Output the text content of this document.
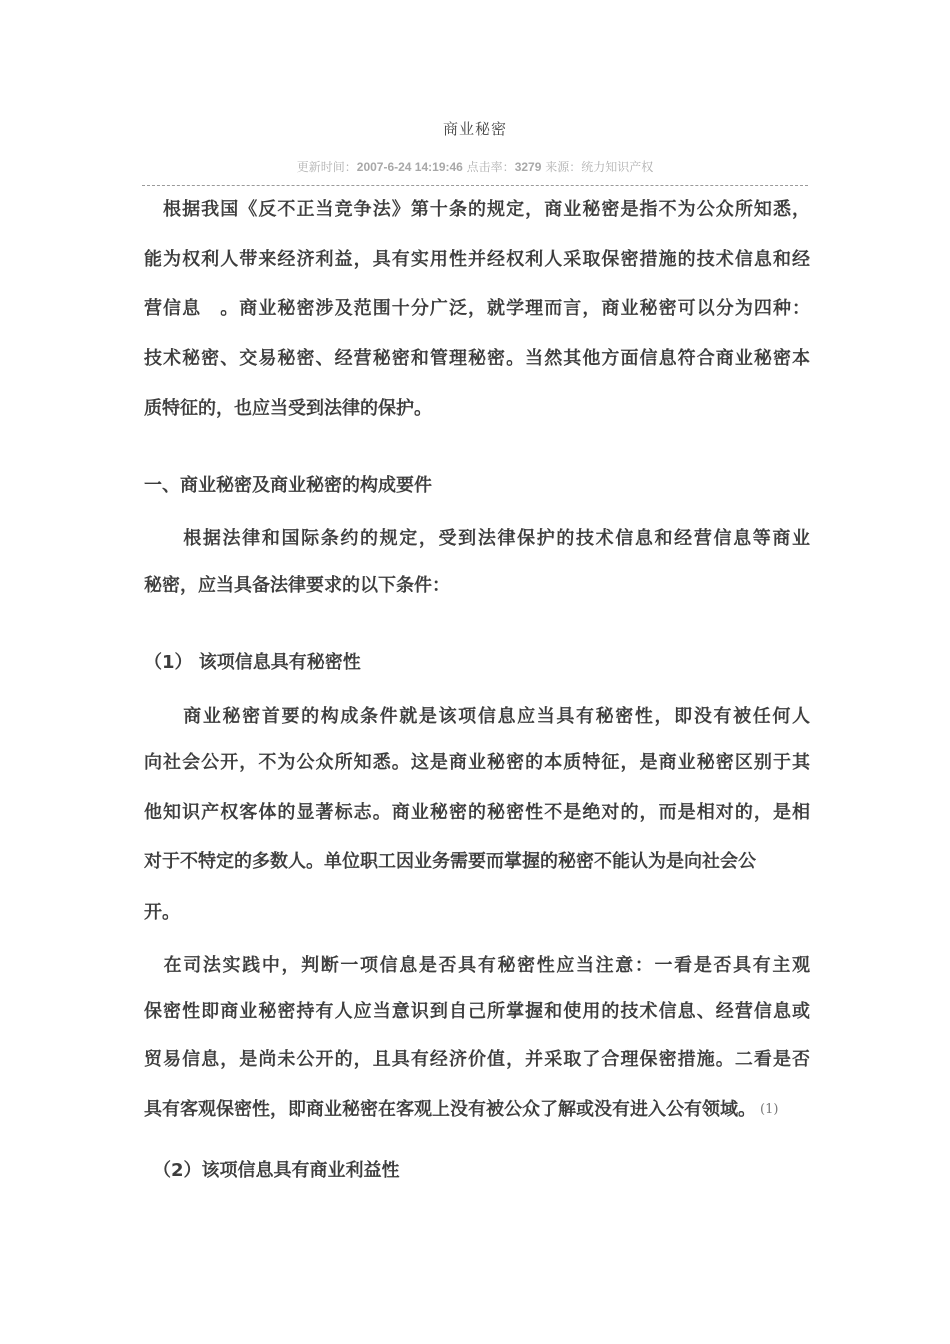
商业秘密
更新时间：2007-6-24 14:19:46 点击率：3279 来源：统力知识产权
　根据我国《反不正当竞争法》第十条的规定，商业秘密是指不为公众所知悉，
能为权利人带来经济利益，具有实用性并经权利人采取保密措施的技术信息和经
营信息　。商业秘密涉及范围十分广泛，就学理而言，商业秘密可以分为四种：
技术秘密、交易秘密、经营秘密和管理秘密。当然其他方面信息符合商业秘密本
质特征的，也应当受到法律的保护。
一、商业秘密及商业秘密的构成要件
　　根据法律和国际条约的规定，受到法律保护的技术信息和经营信息等商业
秘密，应当具备法律要求的以下条件：
（1） 该项信息具有秘密性
　　商业秘密首要的构成条件就是该项信息应当具有秘密性，即没有被任何人
向社会公开，不为公众所知悉。这是商业秘密的本质特征，是商业秘密区别于其
他知识产权客体的显著标志。商业秘密的秘密性不是绝对的，而是相对的，是相
对于不特定的多数人。单位职工因业务需要而掌握的秘密不能认为是向社会公
开。
　在司法实践中，判断一项信息是否具有秘密性应当注意：一看是否具有主观
保密性即商业秘密持有人应当意识到自己所掌握和使用的技术信息、经营信息或
贸易信息，是尚未公开的，且具有经济价值，并采取了合理保密措施。二看是否
具有客观保密性，即商业秘密在客观上没有被公众了解或没有进入公有领域。 (1)
　（2）该项信息具有商业利益性
